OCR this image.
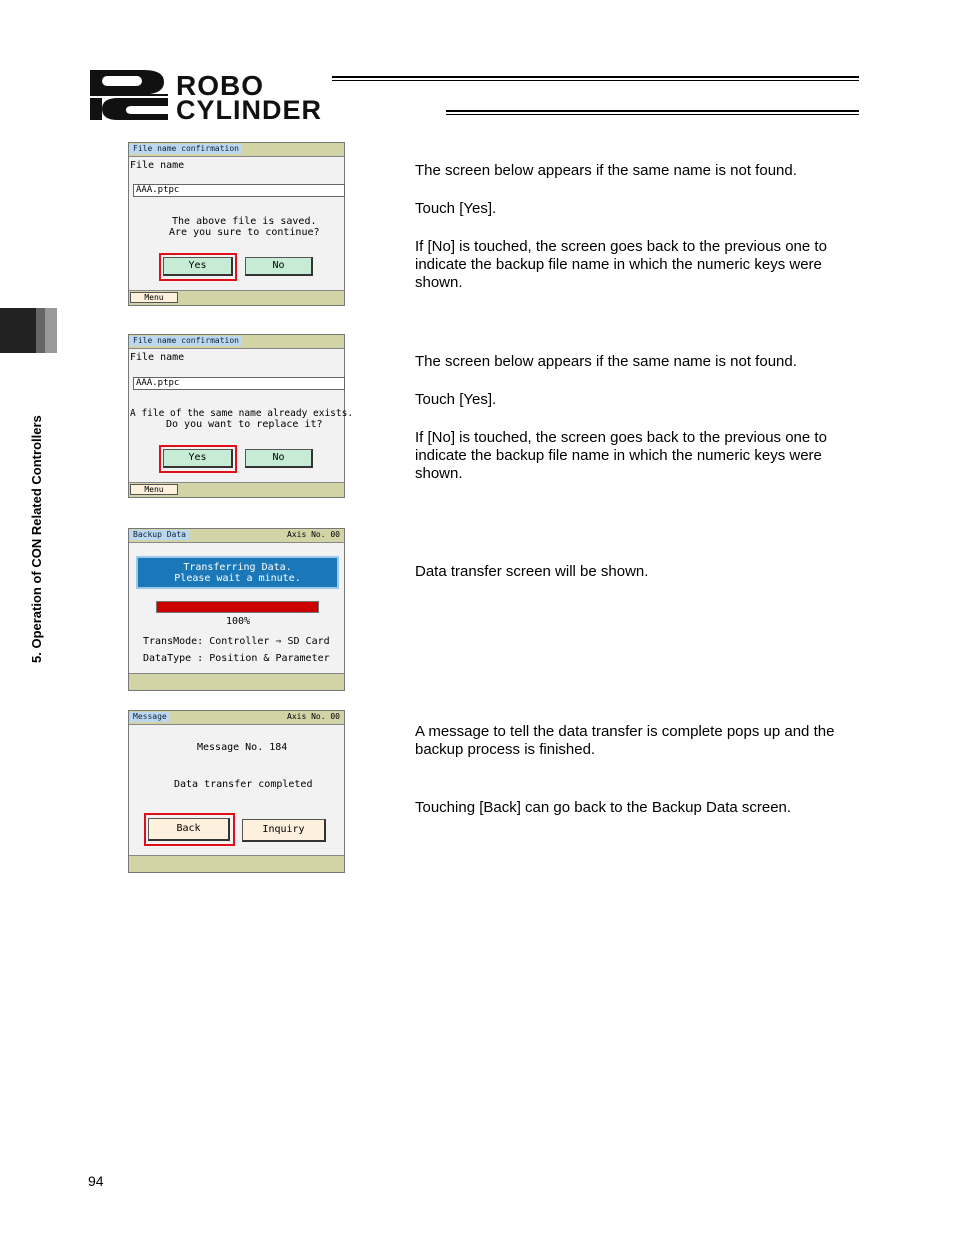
ROBO
CYLINDER
5. Operation of CON Related Controllers
File name confirmation
File name
AAA.ptpc
The above file is saved.
Are you sure to continue?
Yes	No
Menu
File name confirmation
File name
AAA.ptpc
A file of the same name already exists.
Do you want to replace it?
Yes	No
Menu
Backup Data	Axis No. 00
Transferring Data.
Please wait a minute.
100%
TransMode: Controller ⇒ SD Card
DataType : Position & Parameter
Message	Axis No. 00
Message No. 184
Data transfer completed
Back	Inquiry
The screen below appears if the same name is not found.
Touch [Yes].
If [No] is touched, the screen goes back to the previous one to indicate the backup file name in which the numeric keys were shown.
The screen below appears if the same name is not found.
Touch [Yes].
If [No] is touched, the screen goes back to the previous one to indicate the backup file name in which the numeric keys were shown.
Data transfer screen will be shown.
A message to tell the data transfer is complete pops up and the backup process is finished.
Touching [Back] can go back to the Backup Data screen.
94
